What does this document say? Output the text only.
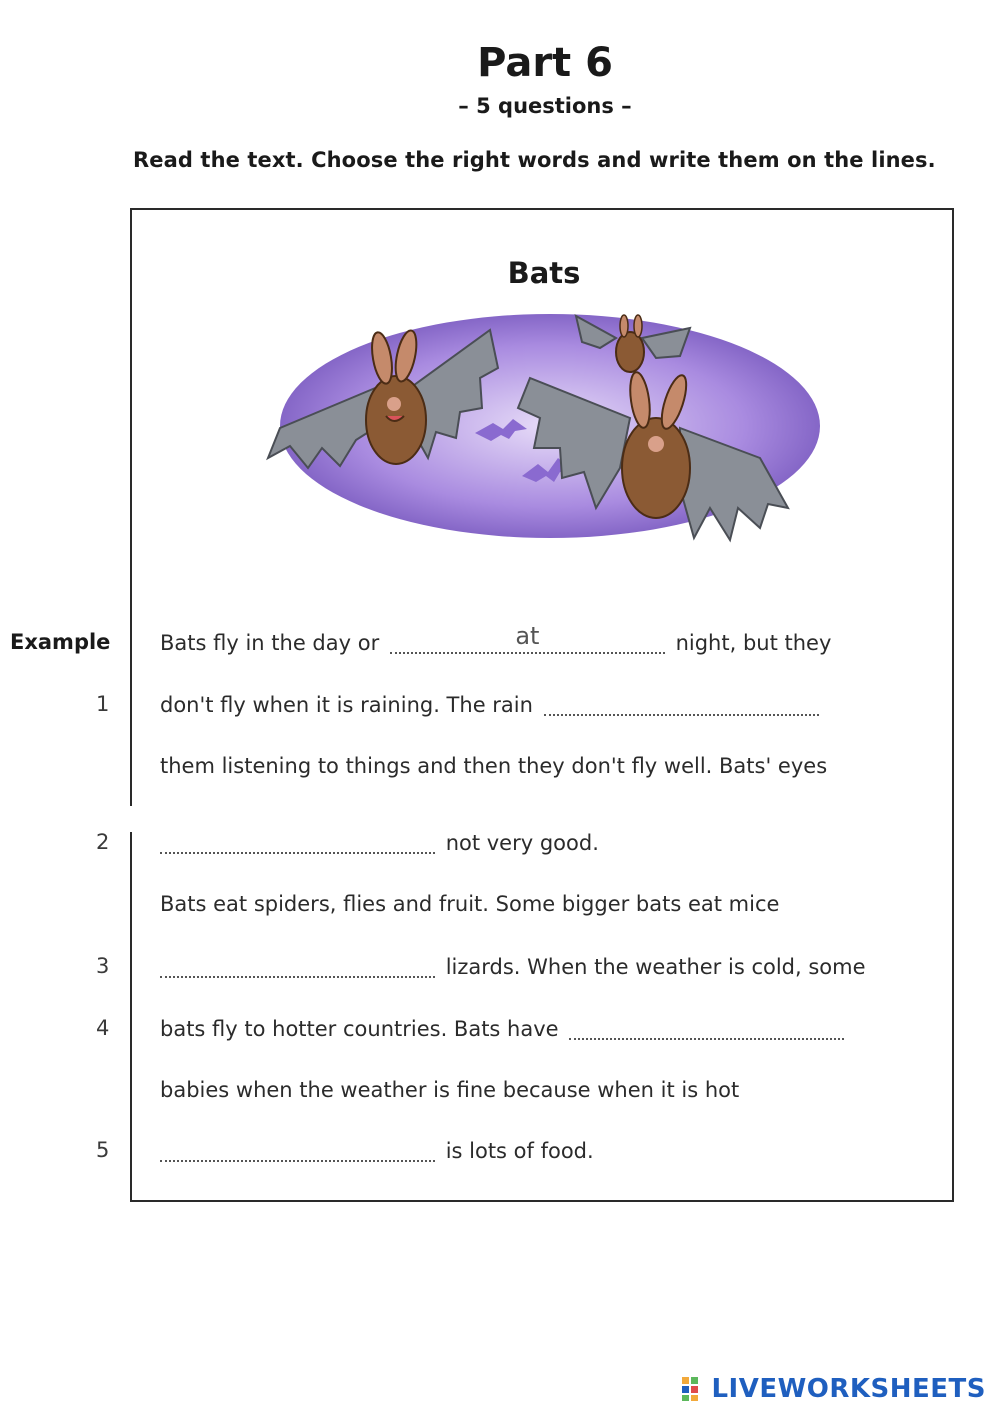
Part 6
– 5 questions –
Read the text. Choose the right words and write them on the lines.
Bats
Example Bats fly in the day or	at	night, but they
1 don't fly when it is raining. The rain
them listening to things and then they don't fly well. Bats' eyes
2	not very good.
Bats eat spiders, flies and fruit. Some bigger bats eat mice
3	lizards. When the weather is cold, some
4 bats fly to hotter countries. Bats have
babies when the weather is fine because when it is hot
5	is lots of food.
LIVEWORKSHEETS
